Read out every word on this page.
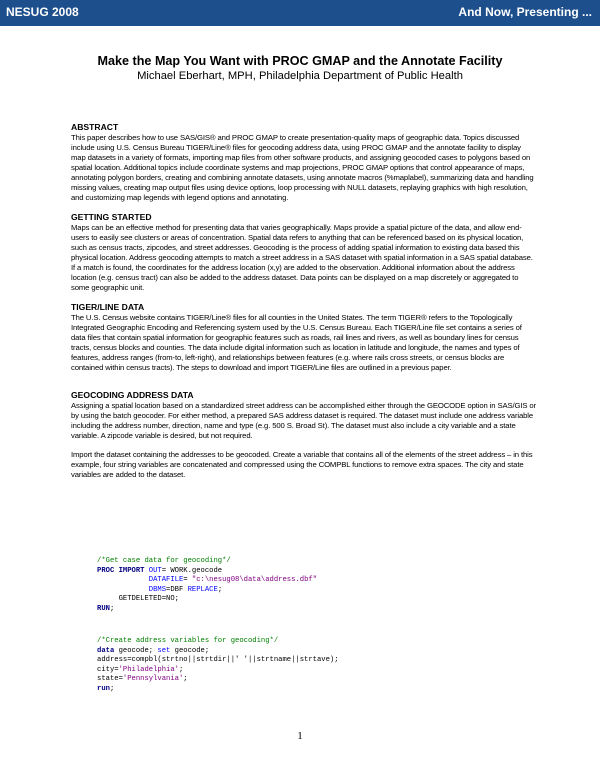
NESUG 2008	And Now, Presenting ...
Make the Map You Want with PROC GMAP and the Annotate Facility
Michael Eberhart, MPH, Philadelphia Department of Public Health
ABSTRACT

This paper describes how to use SAS/GIS® and PROC GMAP to create presentation-quality maps of geographic data. Topics discussed include using U.S. Census Bureau TIGER/Line® files for geocoding address data, using PROC GMAP and the annotate facility to display map datasets in a variety of formats, importing map files from other software products, and assigning geocoded cases to polygons based on spatial location. Additional topics include coordinate systems and map projections, PROC GMAP options that control appearance of maps, annotating polygon borders, creating and combining annotate datasets, using annotate macros (%maplabel), summarizing data and handling missing values, creating map output files using device options, loop processing with NULL datasets, replaying graphics with high resolution, and customizing map legends with legend options and annotating.

GETTING STARTED

Maps can be an effective method for presenting data that varies geographically. Maps provide a spatial picture of the data, and allow end-users to easily see clusters or areas of concentration. Spatial data refers to anything that can be referenced based on its physical location, such as census tracts, zipcodes, and street addresses. Geocoding is the process of adding spatial information to existing data based this physical location. Address geocoding attempts to match a street address in a SAS dataset with spatial information in a SAS spatial database. If a match is found, the coordinates for the address location (x,y) are added to the observation. Additional information about the address location (e.g. census tract) can also be added to the address dataset. Data points can be displayed on a map discretely or aggregated to some geographic unit.

TIGER/LINE DATA

The U.S. Census website contains TIGER/Line® files for all counties in the United States. The term TIGER® refers to the Topologically Integrated Geographic Encoding and Referencing system used by the U.S. Census Bureau. Each TIGER/Line file set contains a series of data files that contain spatial information for geographic features such as roads, rail lines and rivers, as well as boundary lines for census tracts, census blocks and counties. The data include digital information such as location in latitude and longitude, the names and types of features, address ranges (from-to, left-right), and relationships between features (e.g. where rails cross streets, or census blocks are contained within census tracts). The steps to download and import TIGER/Line files are outlined in a previous paper.

GEOCODING ADDRESS DATA

Assigning a spatial location based on a standardized street address can be accomplished either through the GEOCODE option in SAS/GIS or by using the batch geocoder. For either method, a prepared SAS address dataset is required. The dataset must include one address variable including the address number, direction, name and type (e.g. 500 S. Broad St). The dataset must also include a city variable and a state variable. A zipcode variable is desired, but not required.

Import the dataset containing the addresses to be geocoded. Create a variable that contains all of the elements of the street address – in this example, four string variables are concatenated and compressed using the COMPBL functions to remove extra spaces. The city and state variables are added to the dataset.

/*Get case data for geocoding*/
PROC IMPORT OUT= WORK.geocode
DATAFILE= "c:\nesug08\data\address.dbf"
DBMS=DBF REPLACE;
GETDELETED=NO;
RUN;
/*Create address variables for geocoding*/
data geocode; set geocode;
address=compbl(strtno||strtdir||' '||strtname||strtave);
city='Philadelphia';
state='Pennsylvania';
run;
1
